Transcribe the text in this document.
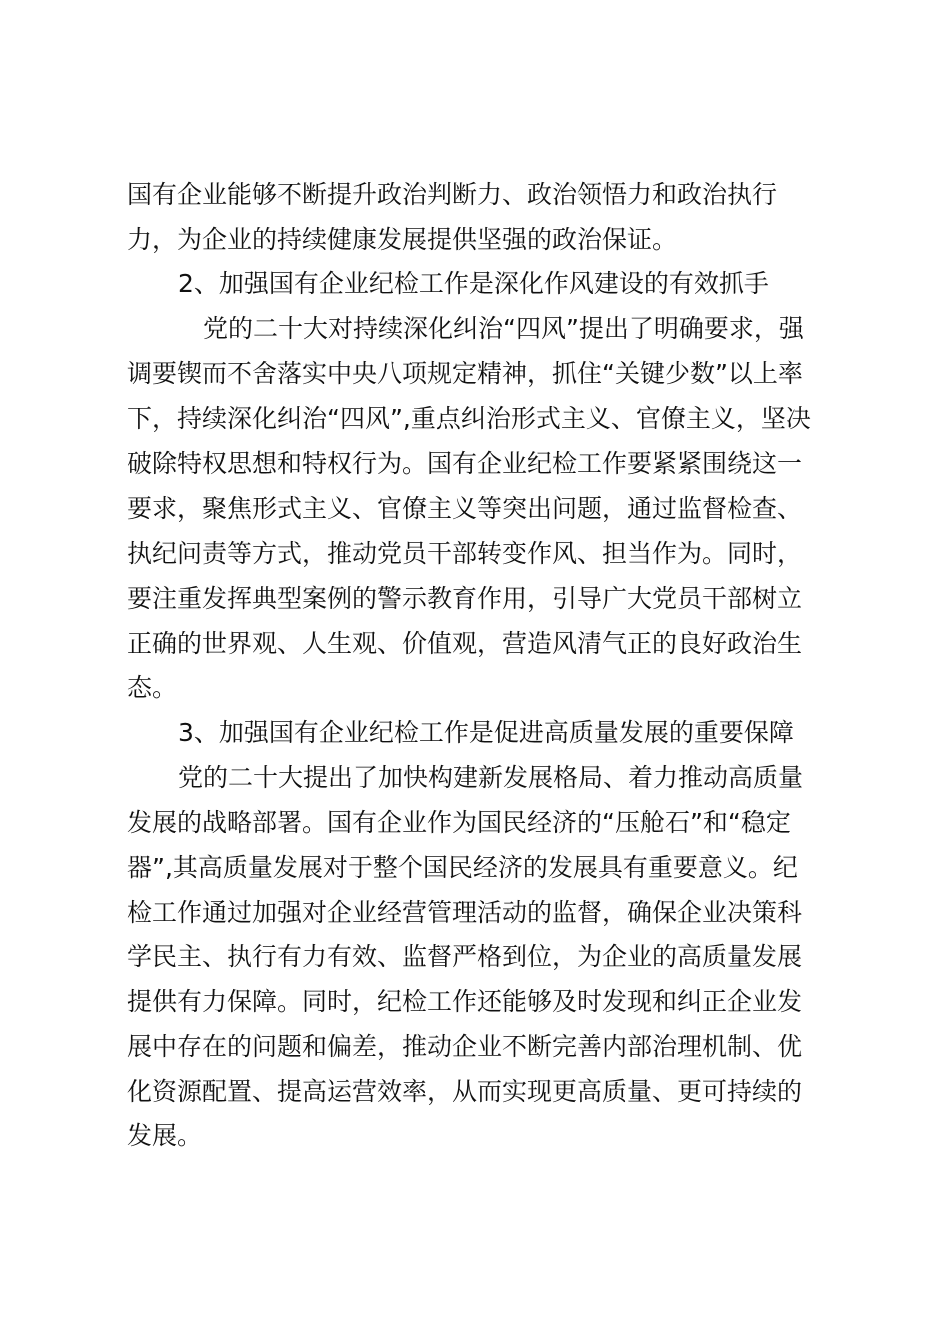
国有企业能够不断提升政治判断力、政治领悟力和政治执行
力，为企业的持续健康发展提供坚强的政治保证。
2、加强国有企业纪检工作是深化作风建设的有效抓手
党的二十大对持续深化纠治“四风”提出了明确要求，强
调要锲而不舍落实中央八项规定精神，抓住“关键少数”以上率
下，持续深化纠治“四风”,重点纠治形式主义、官僚主义，坚决
破除特权思想和特权行为。国有企业纪检工作要紧紧围绕这一
要求，聚焦形式主义、官僚主义等突出问题，通过监督检查、
执纪问责等方式，推动党员干部转变作风、担当作为。同时，
要注重发挥典型案例的警示教育作用，引导广大党员干部树立
正确的世界观、人生观、价值观，营造风清气正的良好政治生
态。
3、加强国有企业纪检工作是促进高质量发展的重要保障
党的二十大提出了加快构建新发展格局、着力推动高质量
发展的战略部署。国有企业作为国民经济的“压舱石”和“稳定
器”,其高质量发展对于整个国民经济的发展具有重要意义。纪
检工作通过加强对企业经营管理活动的监督，确保企业决策科
学民主、执行有力有效、监督严格到位，为企业的高质量发展
提供有力保障。同时，纪检工作还能够及时发现和纠正企业发
展中存在的问题和偏差，推动企业不断完善内部治理机制、优
化资源配置、提高运营效率，从而实现更高质量、更可持续的
发展。
